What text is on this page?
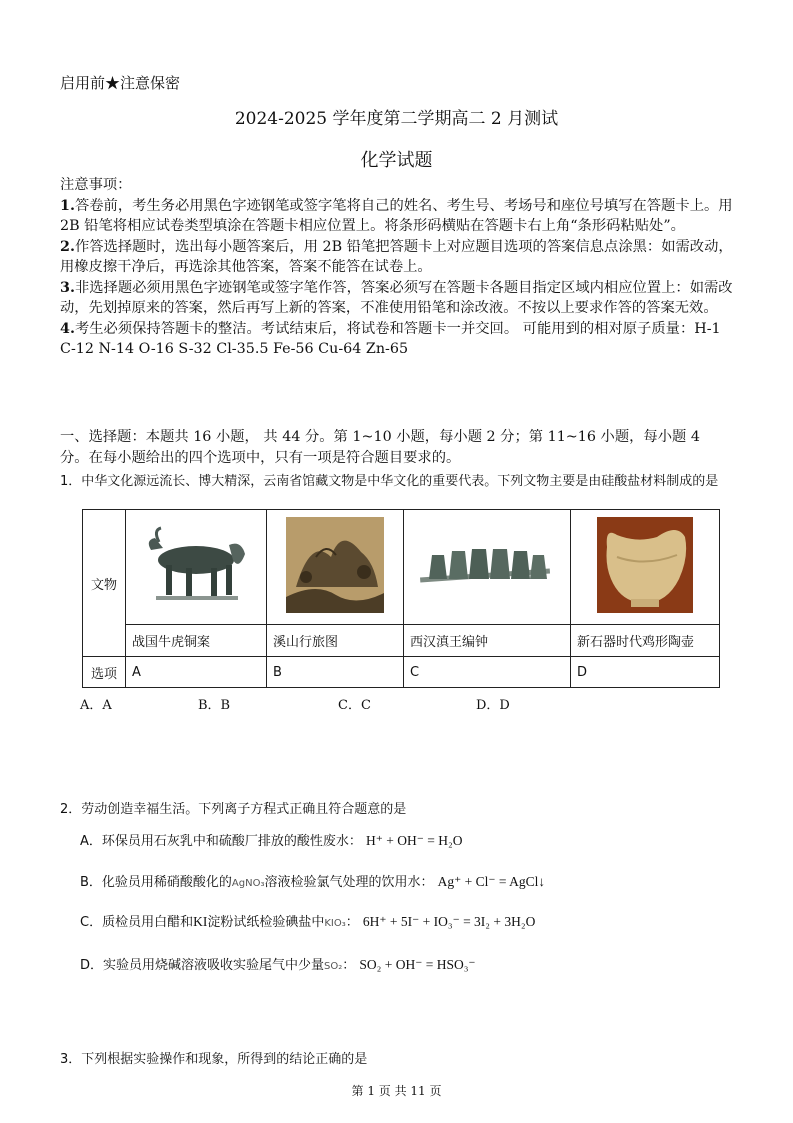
启用前★注意保密
2024-2025 学年度第二学期高二 2 月测试
化学试题

注意事项：

1.答卷前，考生务必用黑色字迹钢笔或签字笔将自己的姓名、考生号、考场号和座位号填写在答题卡上。用 2B 铅笔将相应试卷类型填涂在答题卡相应位置上。将条形码横贴在答题卡右上角“条形码粘贴处”。

2.作答选择题时，选出每小题答案后，用 2B 铅笔把答题卡上对应题目选项的答案信息点涂黑：如需改动，用橡皮擦干净后，再选涂其他答案，答案不能答在试卷上。

3.非选择题必须用黑色字迹钢笔或签字笔作答，答案必须写在答题卡各题目指定区域内相应位置上：如需改动，先划掉原来的答案，然后再写上新的答案，不准使用铅笔和涂改液。不按以上要求作答的答案无效。

4.考生必须保持答题卡的整洁。考试结束后，将试卷和答题卡一并交回。 可能用到的相对原子质量：H-1 C-12 N-14 O-16 S-32 Cl-35.5 Fe-56 Cu-64 Zn-65

一、选择题：本题共 16 小题， 共 44 分。第 1~10 小题，每小题 2 分；第 11~16 小题，每小题 4

分。在每小题给出的四个选项中，只有一项是符合题目要求的。

1．中华文化源远流长、博大精深，云南省馆藏文物是中华文化的重要代表。下列文物主要是由硅酸盐材料制成的是
文物				
	战国牛虎铜案	溪山行旅图	西汉滇王编钟	新石器时代鸡形陶壶
选项	A	B	C	D
A．A	B．B	C．C	D．D
2．劳动创造幸福生活。下列离子方程式正确且符合题意的是
A．环保员用石灰乳中和硫酸厂排放的酸性废水： H⁺ + OH⁻ = H₂O
B．化验员用稀硝酸酸化的AgNO₃溶液检验氯气处理的饮用水： Ag⁺ + Cl⁻ = AgCl↓
C．质检员用白醋和KI淀粉试纸检验碘盐中KIO₃： 6H⁺ + 5I⁻ + IO₃⁻ = 3I₂ + 3H₂O
D．实验员用烧碱溶液吸收实验尾气中少量SO₂： SO₂ + OH⁻ = HSO₃⁻
3．下列根据实验操作和现象，所得到的结论正确的是
第 1 页 共 11 页
